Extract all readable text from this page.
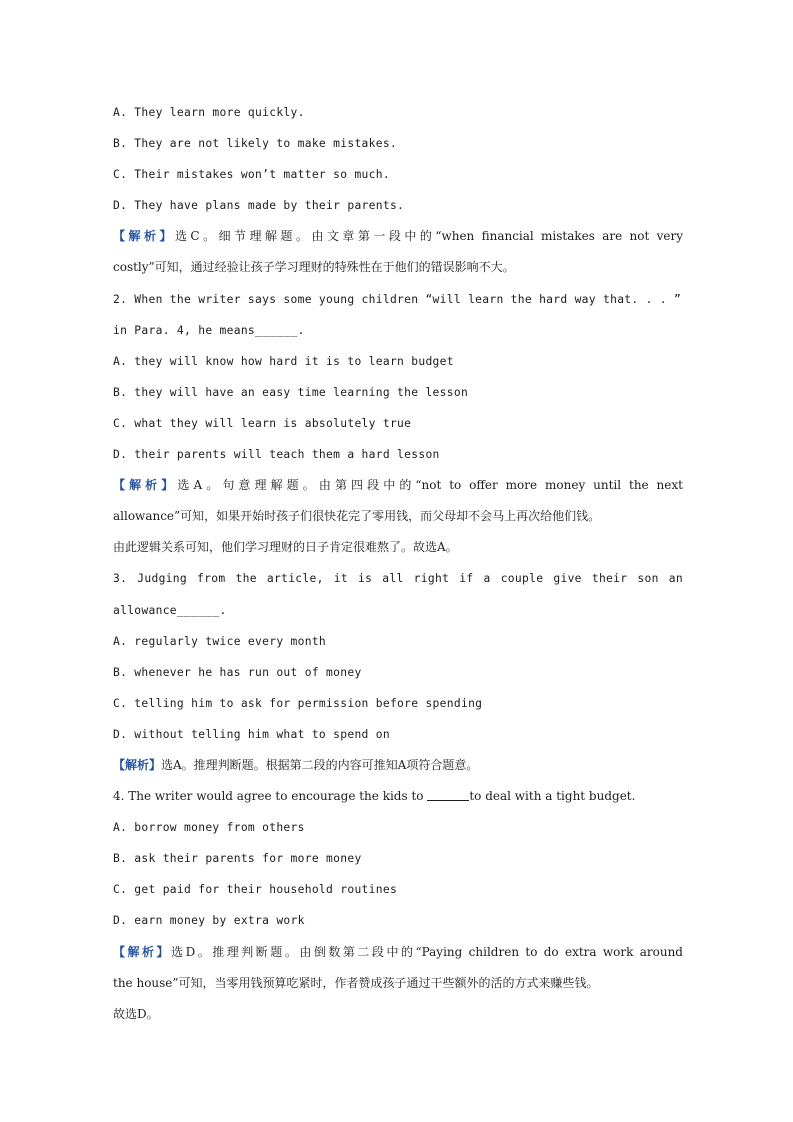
A. They learn more quickly.
B. They are not likely to make mistakes.
C. Their mistakes won’t matter so much.
D. They have plans made by their parents.
【解析】选C。细节理解题。由文章第一段中的“when financial mistakes are not very
costly”可知，通过经验让孩子学习理财的特殊性在于他们的错误影响不大。
2. When the writer says some young children “will learn the hard way that. . . ”
in Para. 4, he means______.
A. they will know how hard it is to learn budget
B. they will have an easy time learning the lesson
C. what they will learn is absolutely true
D. their parents will teach them a hard lesson
【解析】选A。句意理解题。由第四段中的“not to offer more money until the next
allowance”可知，如果开始时孩子们很快花完了零用钱，而父母却不会马上再次给他们钱。
由此逻辑关系可知，他们学习理财的日子肯定很难熬了。故选A。
3. Judging from the article, it is all right if a couple give their son an
allowance______.
A. regularly twice every month
B. whenever he has run out of money
C. telling him to ask for permission before spending
D. without telling him what to spend on
【解析】选A。推理判断题。根据第二段的内容可推知A项符合题意。
4. The writer would agree to encourage the kids to	to deal with a tight budget.
A. borrow money from others
B. ask their parents for more money
C. get paid for their household routines
D. earn money by extra work
【解析】选D。推理判断题。由倒数第二段中的“Paying children to do extra work around
the house”可知，当零用钱预算吃紧时，作者赞成孩子通过干些额外的活的方式来赚些钱。
故选D。
